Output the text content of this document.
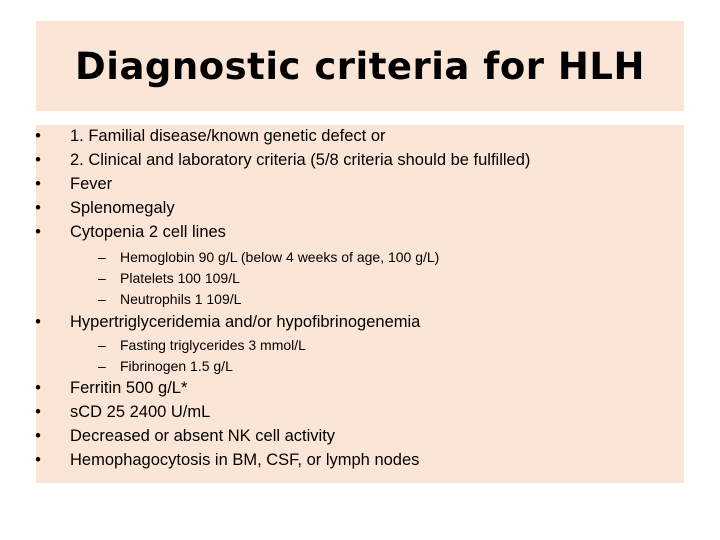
Diagnostic criteria for HLH
• 1. Familial disease/known genetic defect or
• 2. Clinical and laboratory criteria (5/8 criteria should be fulfilled)
• Fever
• Splenomegaly
• Cytopenia 2 cell lines
– Hemoglobin 90 g/L (below 4 weeks of age, 100 g/L)
– Platelets 100 109/L
– Neutrophils 1 109/L
• Hypertriglyceridemia and/or hypofibrinogenemia
– Fasting triglycerides 3 mmol/L
– Fibrinogen 1.5 g/L
• Ferritin 500 g/L*
• sCD 25 2400 U/mL
• Decreased or absent NK cell activity
• Hemophagocytosis in BM, CSF, or lymph nodes
